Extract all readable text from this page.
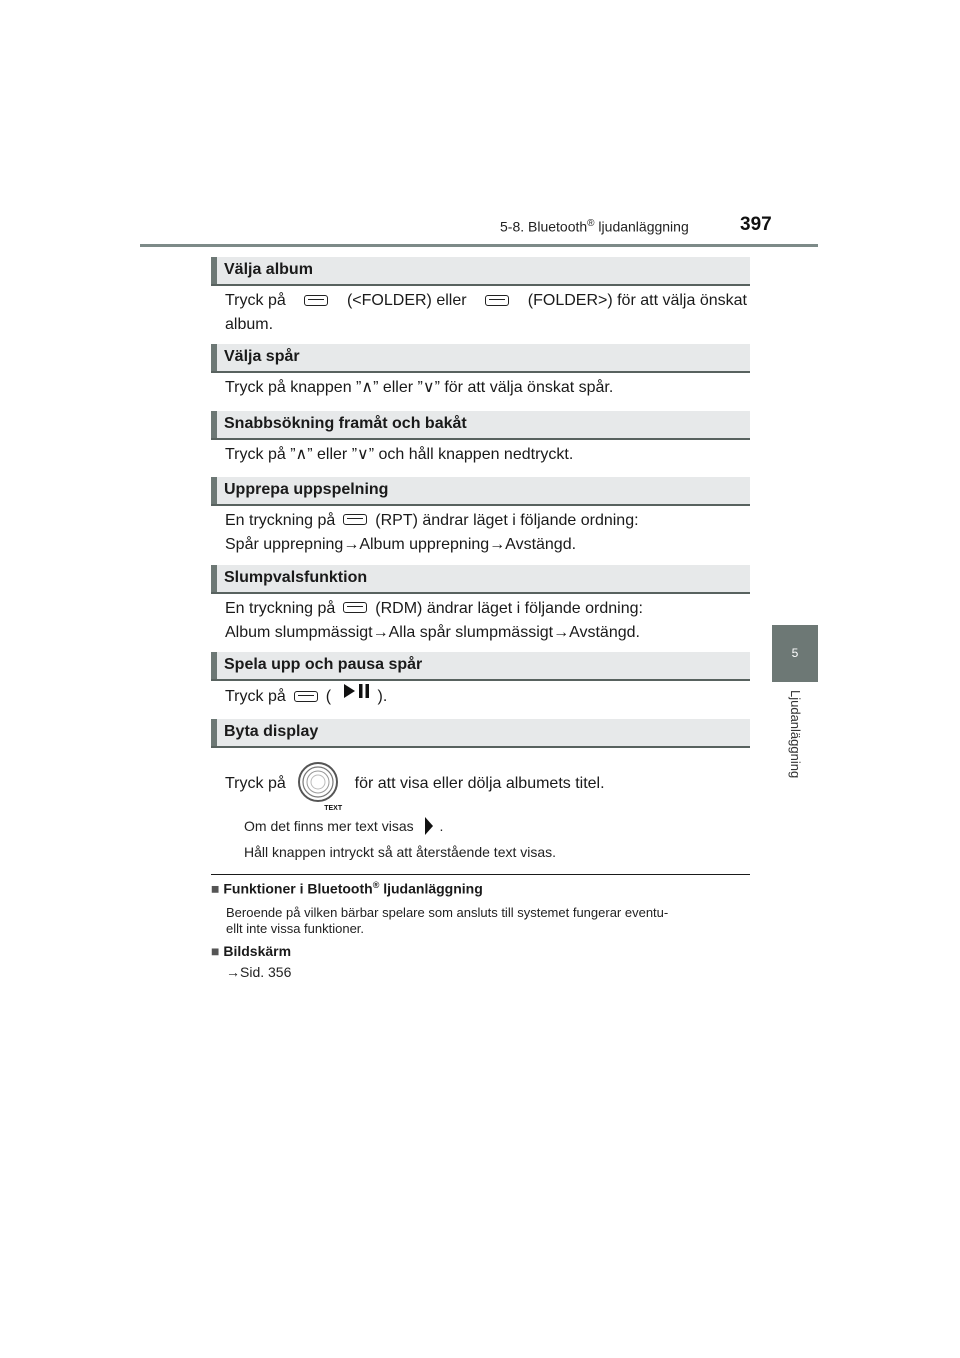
5-8. Bluetooth® ljudanläggning	397
5
Ljudanläggning
Välja album
Tryck på	(<FOLDER) eller	(FOLDER>) för att välja önskat
album.
Välja spår
Tryck på knappen ”∧” eller ”∨” för att välja önskat spår.
Snabbsökning framåt och bakåt
Tryck på ”∧” eller ”∨” och håll knappen nedtryckt.
Upprepa uppspelning
En tryckning på	(RPT) ändrar läget i följande ordning:
Spår upprepning→Album upprepning→Avstängd.
Slumpvalsfunktion
En tryckning på	(RDM) ändrar läget i följande ordning:
Album slumpmässigt→Alla spår slumpmässigt→Avstängd.
Spela upp och pausa spår
Tryck på	(	).
Byta display
Tryck på
TEXT
för att visa eller dölja albumets titel.
Om det finns mer text visas .
Håll knappen intryckt så att återstående text visas.
■ Funktioner i Bluetooth® ljudanläggning
Beroende på vilken bärbar spelare som ansluts till systemet fungerar eventu-
ellt inte vissa funktioner.
■ Bildskärm
→Sid. 356
